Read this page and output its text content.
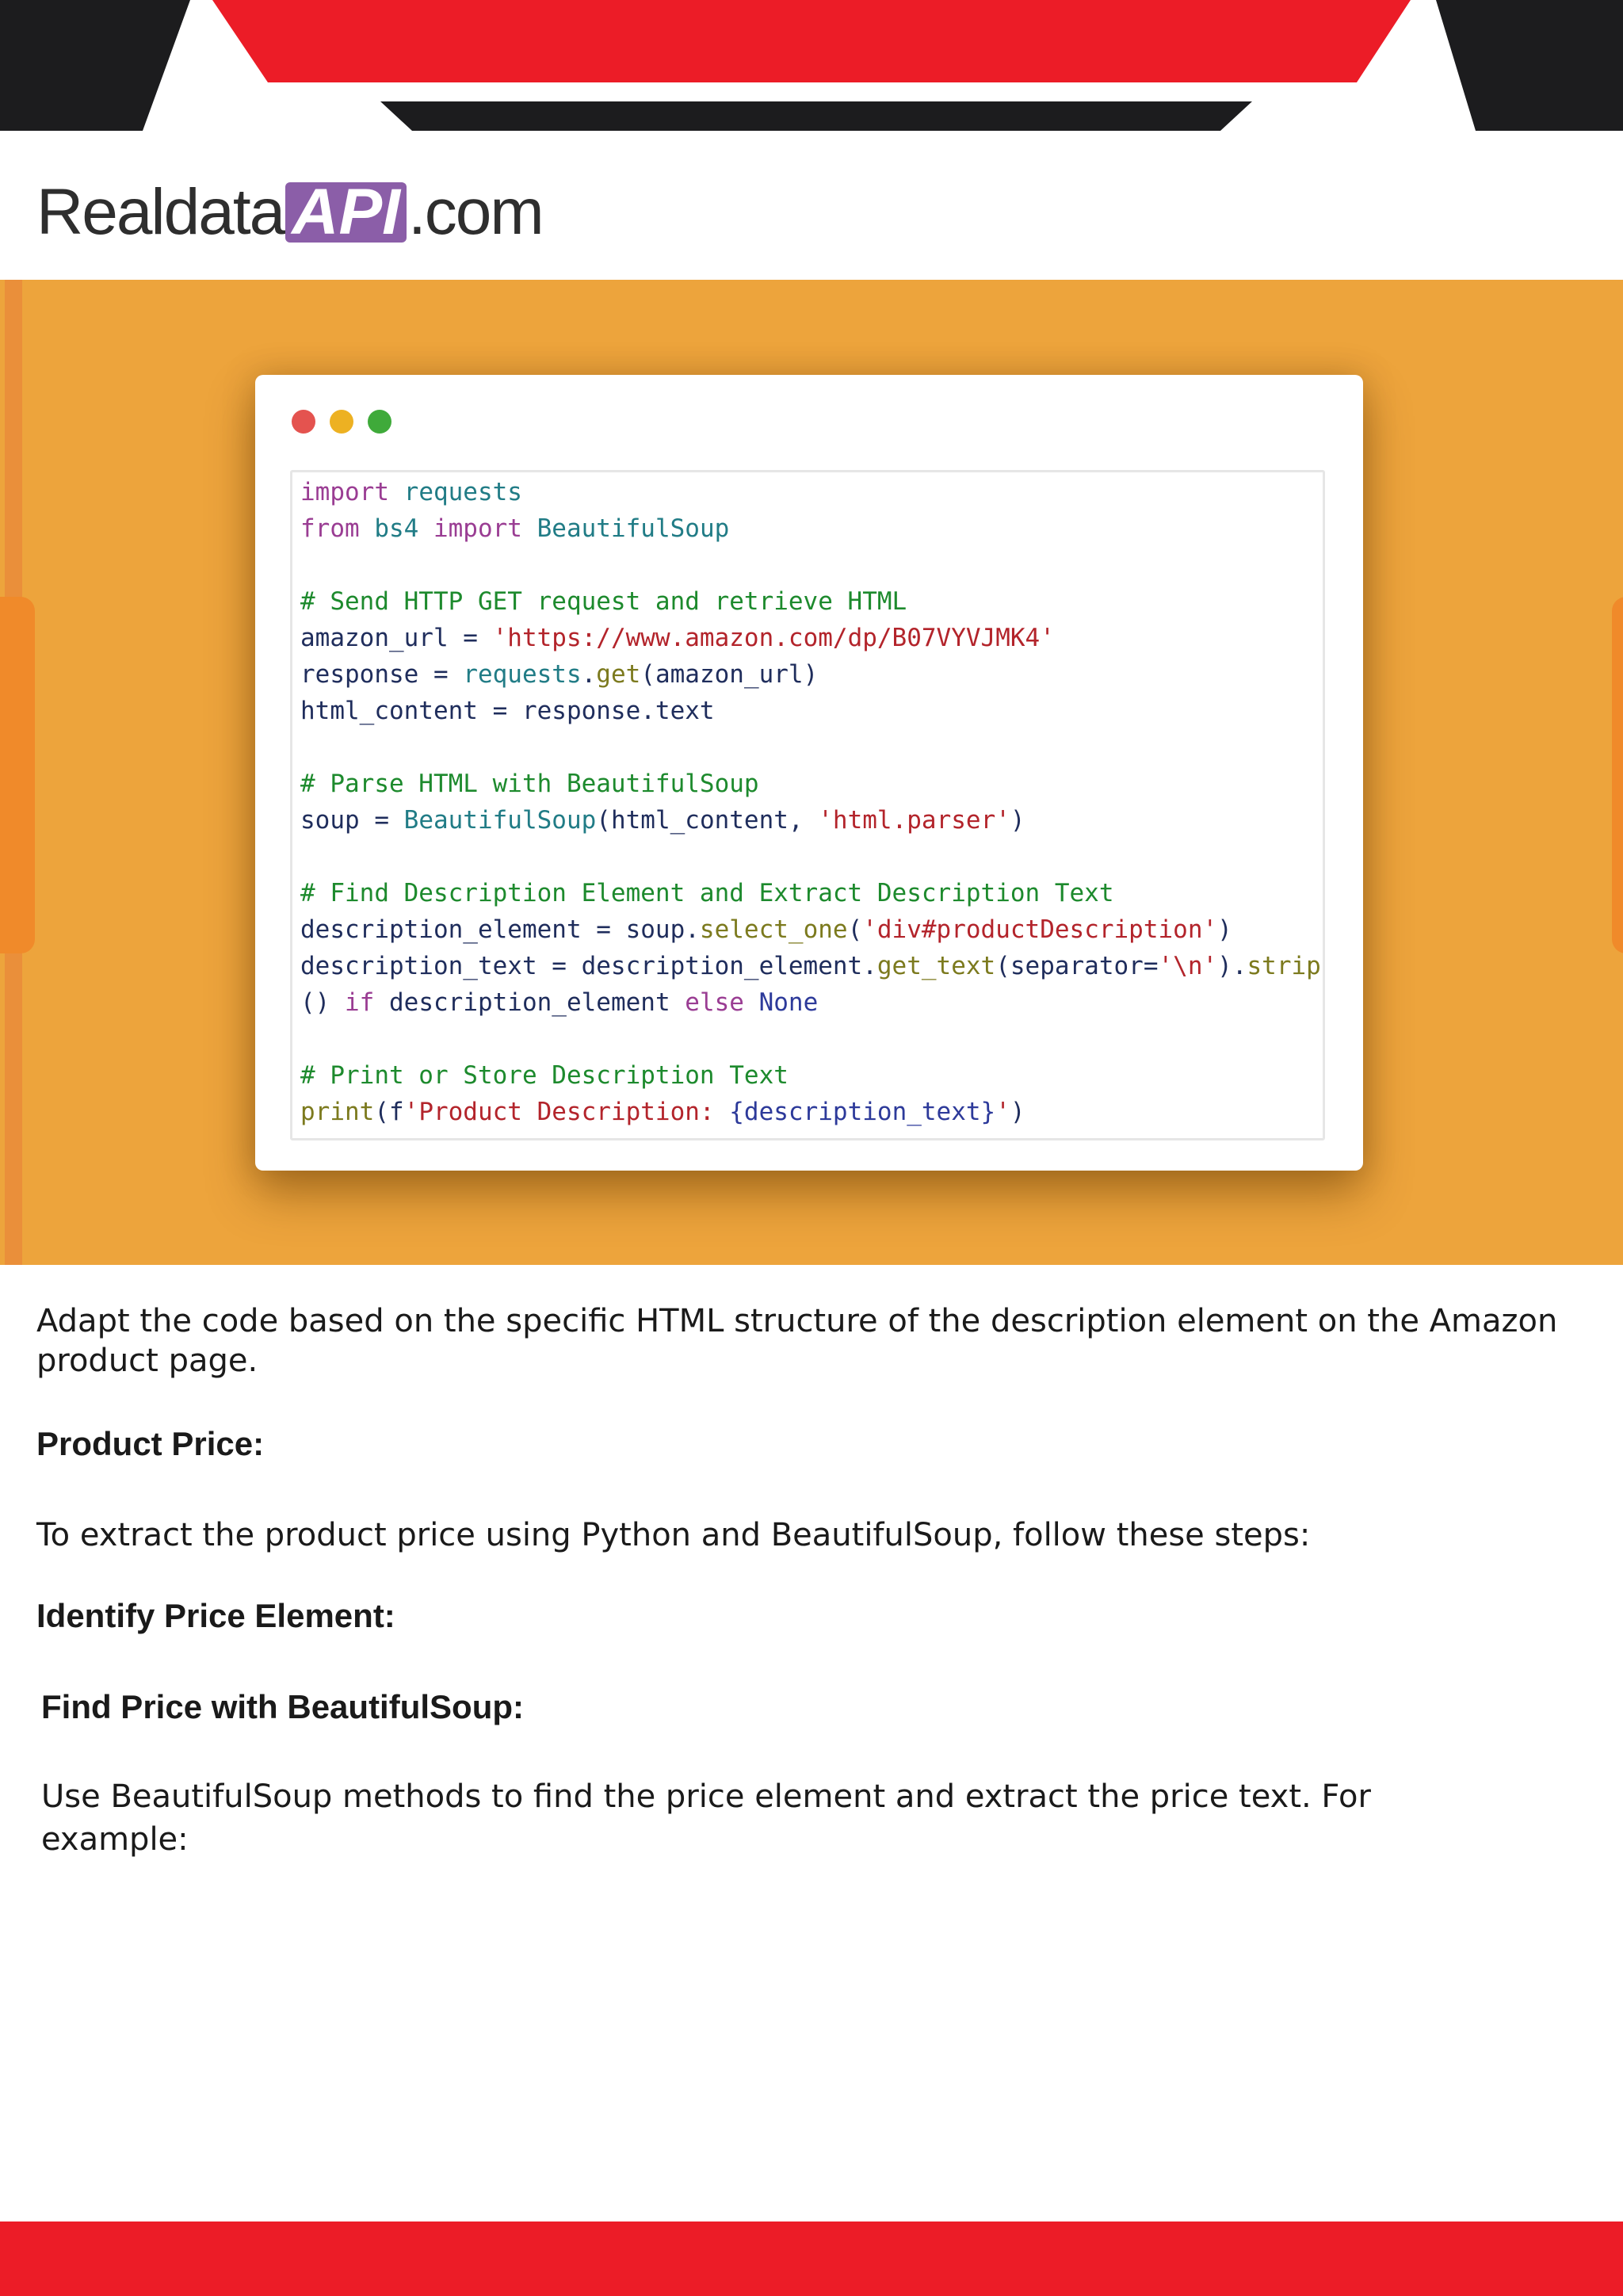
Realdata API .com
import requests
from bs4 import BeautifulSoup
# Send HTTP GET request and retrieve HTML
amazon_url = 'https://www.amazon.com/dp/B07VYVJMK4'
response = requests.get(amazon_url)
html_content = response.text
# Parse HTML with BeautifulSoup
soup = BeautifulSoup(html_content, 'html.parser')
# Find Description Element and Extract Description Text
description_element = soup.select_one('div#productDescription')
description_text = description_element.get_text(separator='\n').strip
() if description_element else None
# Print or Store Description Text
print(f'Product Description: {description_text}')

Adapt the code based on the specific HTML structure of the description element on the Amazon product page.

Product Price:

To extract the product price using Python and BeautifulSoup, follow these steps:

Identify Price Element:
Find Price with BeautifulSoup:

Use BeautifulSoup methods to find the price element and extract the price text. For example:
